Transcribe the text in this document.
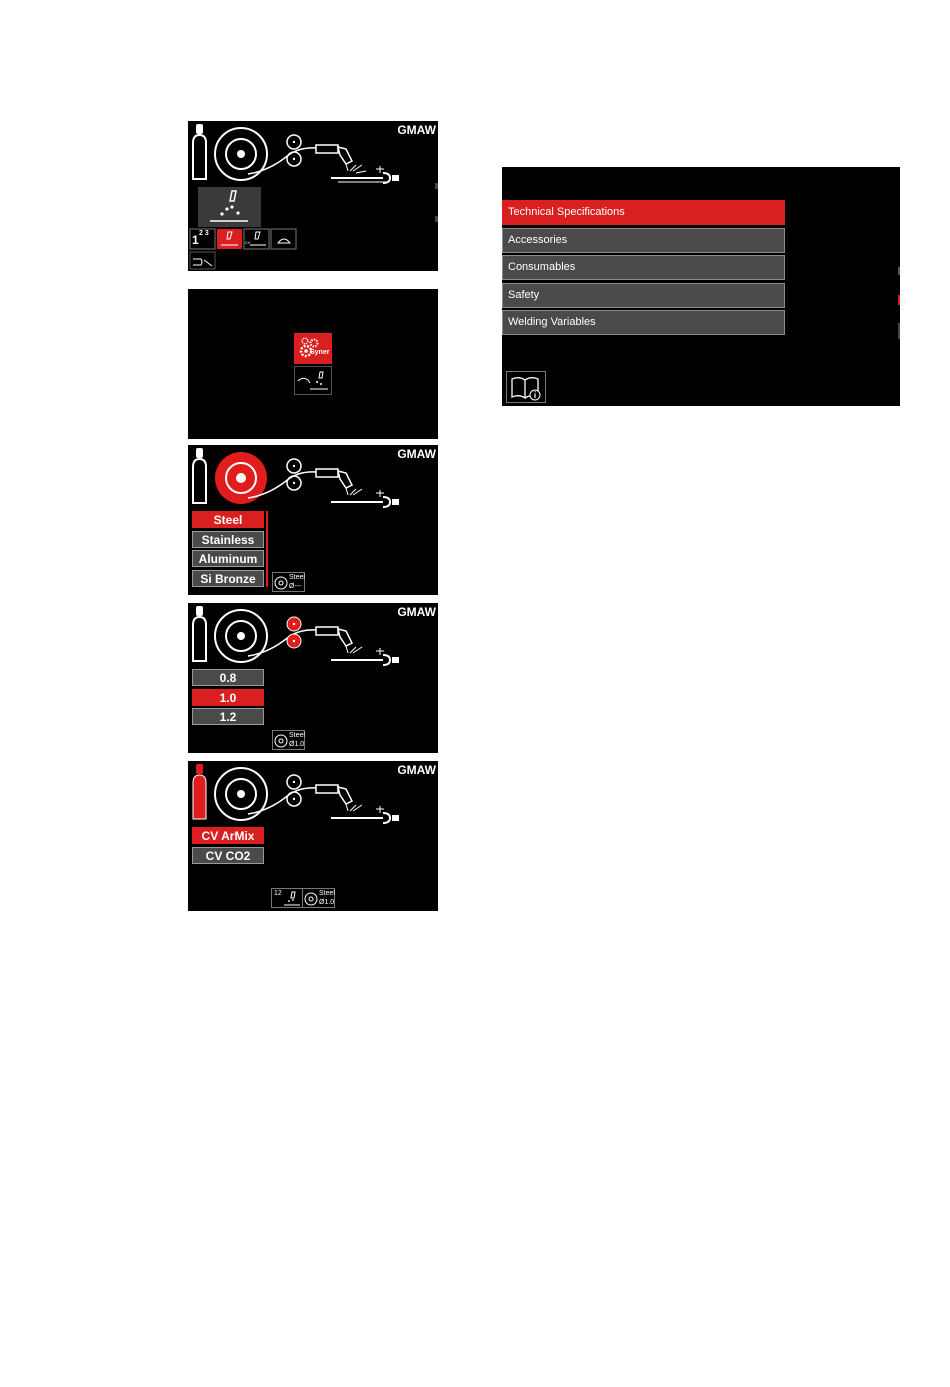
GMAW
1 2 3
CV
Syner
GMAW
Steel
Stainless
Aluminum
Si Bronze	Steel
Ø---
GMAW
0.8
1.0
1.2
Steel
Ø1.0
GMAW
CV ArMix
CV CO2
12	Steel
Ø1.0
Technical Specifications
Accessories
Consumables
Safety
Welding Variables
